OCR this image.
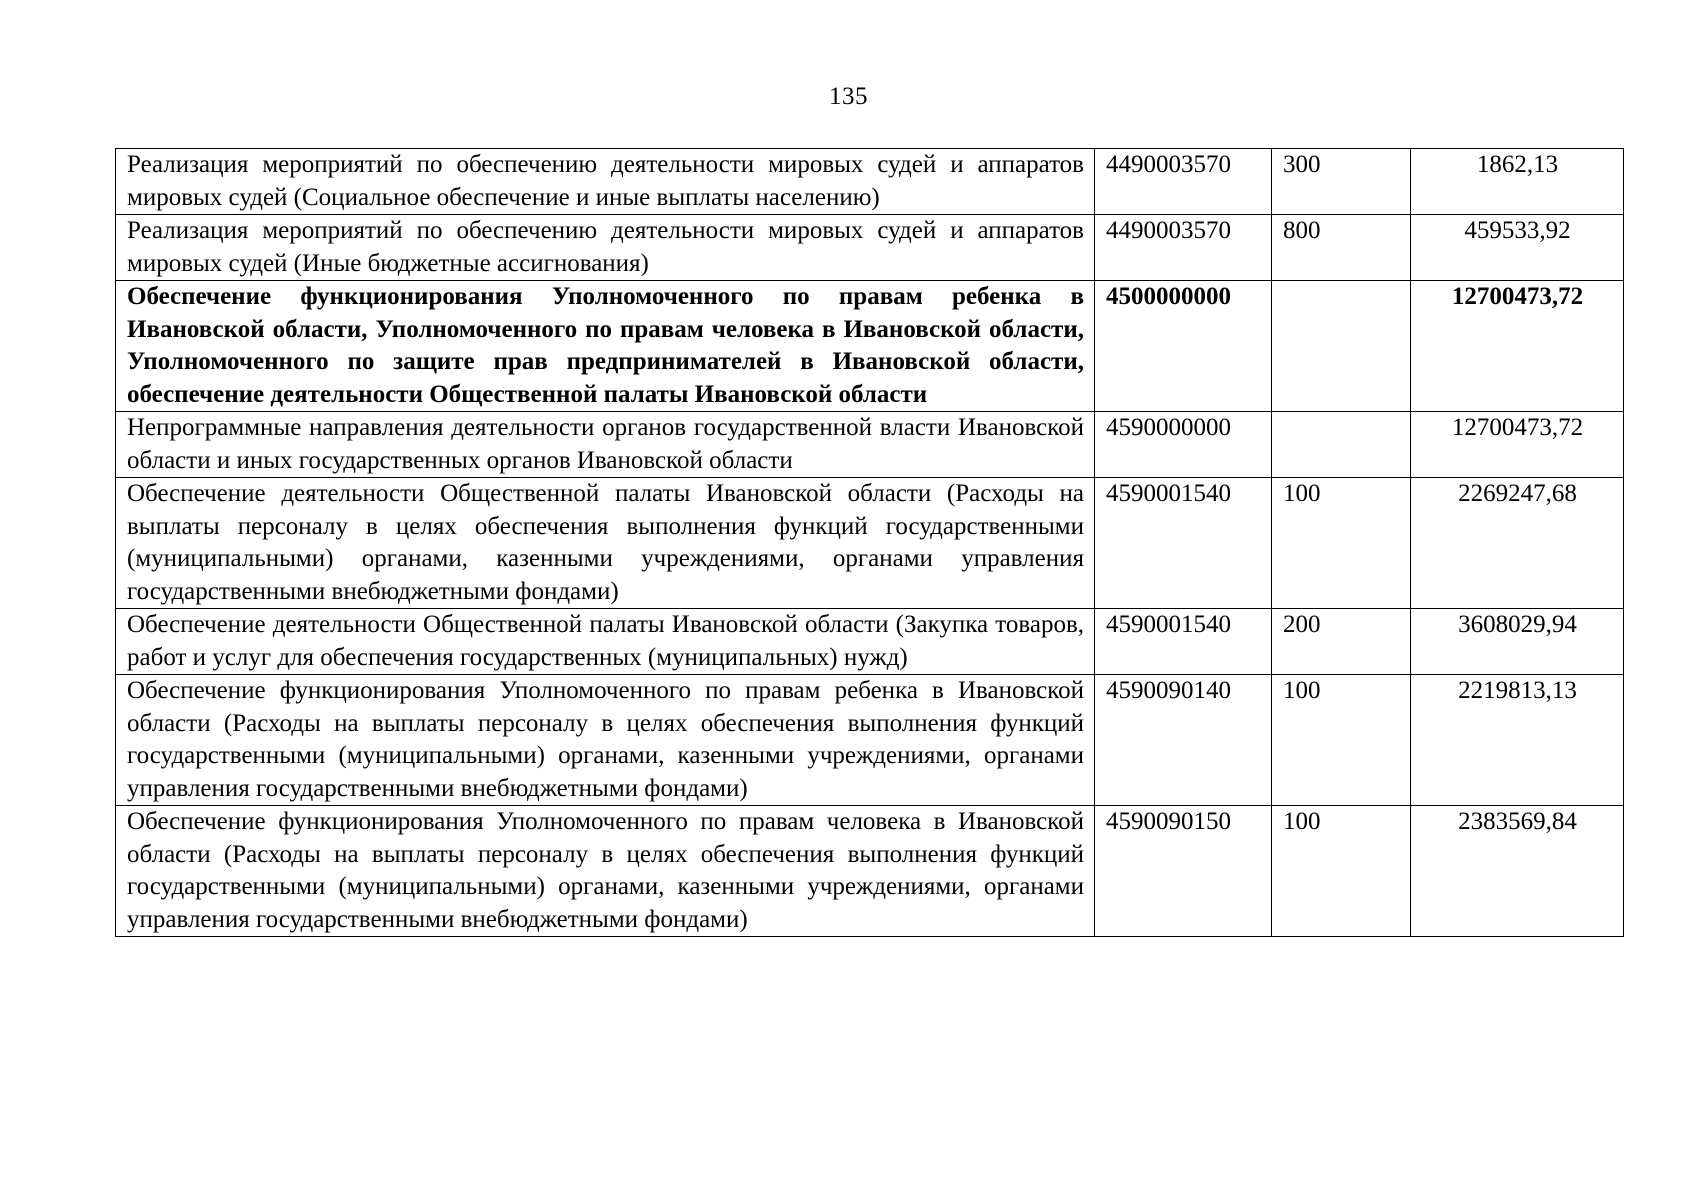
135
Реализация мероприятий по обеспечению деятельности мировых судей и аппаратов мировых судей (Социальное обеспечение и иные выплаты населению)	4490003570	300	1862,13
Реализация мероприятий по обеспечению деятельности мировых судей и аппаратов мировых судей (Иные бюджетные ассигнования)	4490003570	800	459533,92
Обеспечение функционирования Уполномоченного по правам ребенка в Ивановской области, Уполномоченного по правам человека в Ивановской области, Уполномоченного по защите прав предпринимателей в Ивановской области, обеспечение деятельности Общественной палаты Ивановской области	4500000000		12700473,72
Непрограммные направления деятельности органов государственной власти Ивановской области и иных государственных органов Ивановской области	4590000000		12700473,72
Обеспечение деятельности Общественной палаты Ивановской области (Расходы на выплаты персоналу в целях обеспечения выполнения функций государственными (муниципальными) органами, казенными учреждениями, органами управления государственными внебюджетными фондами)	4590001540	100	2269247,68
Обеспечение деятельности Общественной палаты Ивановской области (Закупка товаров, работ и услуг для обеспечения государственных (муниципальных) нужд)	4590001540	200	3608029,94
Обеспечение функционирования Уполномоченного по правам ребенка в Ивановской области (Расходы на выплаты персоналу в целях обеспечения выполнения функций государственными (муниципальными) органами, казенными учреждениями, органами управления государственными внебюджетными фондами)	4590090140	100	2219813,13
Обеспечение функционирования Уполномоченного по правам человека в Ивановской области (Расходы на выплаты персоналу в целях обеспечения выполнения функций государственными (муниципальными) органами, казенными учреждениями, органами управления государственными внебюджетными фондами)	4590090150	100	2383569,84
